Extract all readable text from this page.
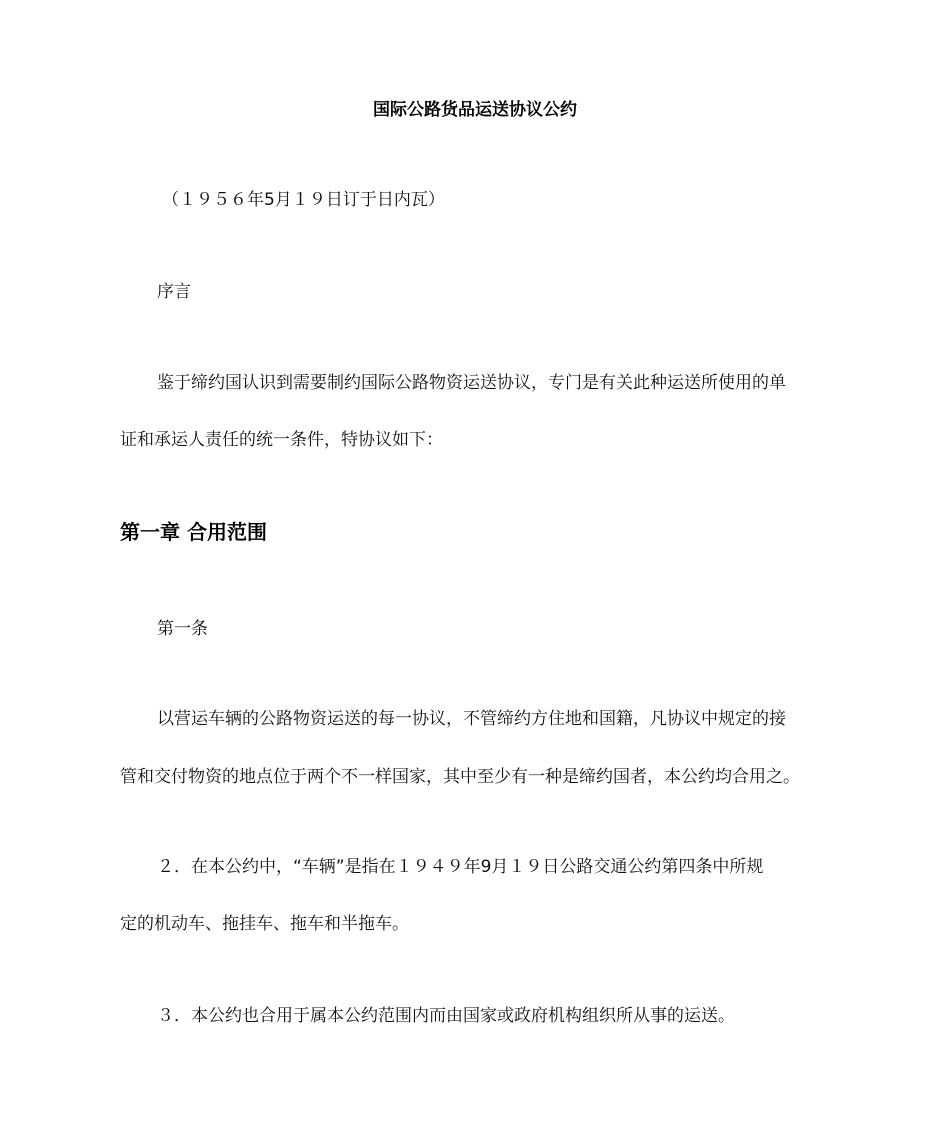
国际公路货品运送协议公约
（１９５６年5月１９日订于日内瓦）
序言
鉴于缔约国认识到需要制约国际公路物资运送协议，专门是有关此种运送所使用的单
证和承运人责任的统一条件，特协议如下：
第一章 合用范围
第一条
以营运车辆的公路物资运送的每一协议，不管缔约方住地和国籍，凡协议中规定的接
管和交付物资的地点位于两个不一样国家，其中至少有一种是缔约国者，本公约均合用之。
２．在本公约中，“车辆”是指在１９４９年9月１９日公路交通公约第四条中所规
定的机动车、拖挂车、拖车和半拖车。
３．本公约也合用于属本公约范围内而由国家或政府机构组织所从事的运送。
